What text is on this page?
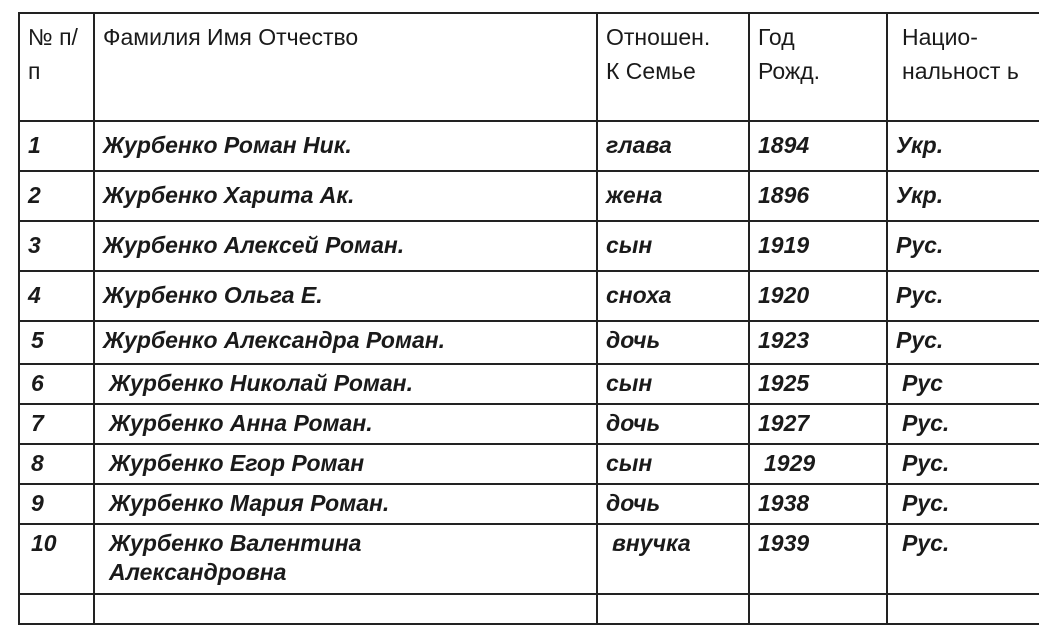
№ п/п	Фамилия Имя Отчество	Отношен. К Семье	Год Рожд.	Нацио- нальност ь

1	Журбенко Роман Ник.	глава	1894	Укр.

2	Журбенко Харита Ак.	жена	1896	Укр.

3	Журбенко Алексей Роман.	сын	1919	Рус.

4	Журбенко Ольга Е.	сноха	1920	Рус.

5	Журбенко Александра Роман.	дочь	1923	Рус.

6	Журбенко Николай Роман.	сын	1925	Рус

7	Журбенко Анна Роман.	дочь	1927	Рус.

8	Журбенко Егор Роман	сын	1929	Рус.

9	Журбенко Мария Роман.	дочь	1938	Рус.

10	Журбенко Валентина Александровна	внучка	1939	Рус.
